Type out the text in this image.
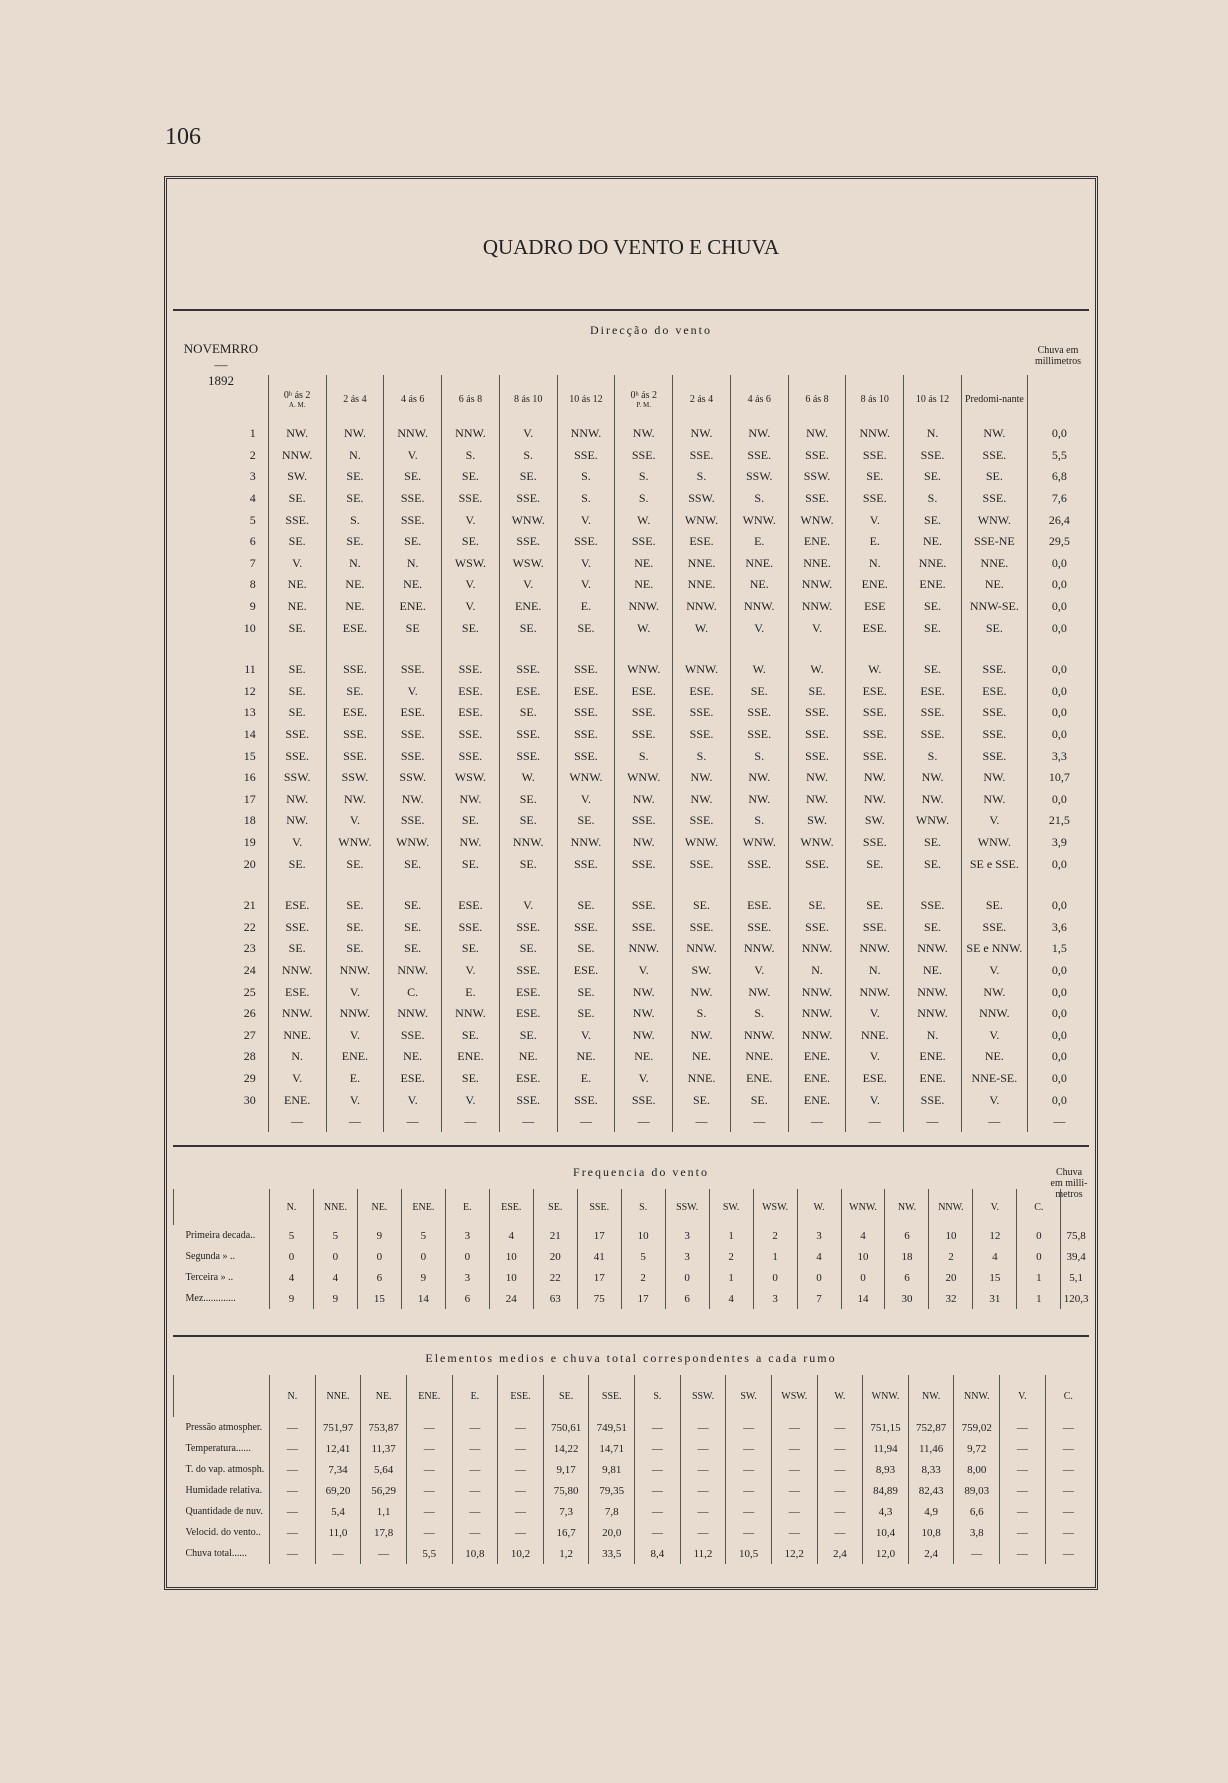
106
QUADRO DO VENTO E CHUVA
NOVEMRRO
—
1892
Direcção do vento
Chuva em millimetros
	0ʰ ás 2
A. M.	2 ás 4	4 ás 6	6 ás 8	8 ás 10	10 ás 12	0ʰ ás 2
P. M.	2 ás 4	4 ás 6	6 ás 8	8 ás 10	10 ás 12	Predomi-nante	
1	NW.	NW.	NNW.	NNW.	V.	NNW.	NW.	NW.	NW.	NW.	NNW.	N.	NW.	0,0
2	NNW.	N.	V.	S.	S.	SSE.	SSE.	SSE.	SSE.	SSE.	SSE.	SSE.	SSE.	5,5
3	SW.	SE.	SE.	SE.	SE.	S.	S.	S.	SSW.	SSW.	SE.	SE.	SE.	6,8
4	SE.	SE.	SSE.	SSE.	SSE.	S.	S.	SSW.	S.	SSE.	SSE.	S.	SSE.	7,6
5	SSE.	S.	SSE.	V.	WNW.	V.	W.	WNW.	WNW.	WNW.	V.	SE.	WNW.	26,4
6	SE.	SE.	SE.	SE.	SSE.	SSE.	SSE.	ESE.	E.	ENE.	E.	NE.	SSE-NE	29,5
7	V.	N.	N.	WSW.	WSW.	V.	NE.	NNE.	NNE.	NNE.	N.	NNE.	NNE.	0,0
8	NE.	NE.	NE.	V.	V.	V.	NE.	NNE.	NE.	NNW.	ENE.	ENE.	NE.	0,0
9	NE.	NE.	ENE.	V.	ENE.	E.	NNW.	NNW.	NNW.	NNW.	ESE	SE.	NNW-SE.	0,0
10	SE.	ESE.	SE	SE.	SE.	SE.	W.	W.	V.	V.	ESE.	SE.	SE.	0,0

11	SE.	SSE.	SSE.	SSE.	SSE.	SSE.	WNW.	WNW.	W.	W.	W.	SE.	SSE.	0,0
12	SE.	SE.	V.	ESE.	ESE.	ESE.	ESE.	ESE.	SE.	SE.	ESE.	ESE.	ESE.	0,0
13	SE.	ESE.	ESE.	ESE.	SE.	SSE.	SSE.	SSE.	SSE.	SSE.	SSE.	SSE.	SSE.	0,0
14	SSE.	SSE.	SSE.	SSE.	SSE.	SSE.	SSE.	SSE.	SSE.	SSE.	SSE.	SSE.	SSE.	0,0
15	SSE.	SSE.	SSE.	SSE.	SSE.	SSE.	S.	S.	S.	SSE.	SSE.	S.	SSE.	3,3
16	SSW.	SSW.	SSW.	WSW.	W.	WNW.	WNW.	NW.	NW.	NW.	NW.	NW.	NW.	10,7
17	NW.	NW.	NW.	NW.	SE.	V.	NW.	NW.	NW.	NW.	NW.	NW.	NW.	0,0
18	NW.	V.	SSE.	SE.	SE.	SE.	SSE.	SSE.	S.	SW.	SW.	WNW.	V.	21,5
19	V.	WNW.	WNW.	NW.	NNW.	NNW.	NW.	WNW.	WNW.	WNW.	SSE.	SE.	WNW.	3,9
20	SE.	SE.	SE.	SE.	SE.	SSE.	SSE.	SSE.	SSE.	SSE.	SE.	SE.	SE e SSE.	0,0

21	ESE.	SE.	SE.	ESE.	V.	SE.	SSE.	SE.	ESE.	SE.	SE.	SSE.	SE.	0,0
22	SSE.	SE.	SE.	SSE.	SSE.	SSE.	SSE.	SSE.	SSE.	SSE.	SSE.	SE.	SSE.	3,6
23	SE.	SE.	SE.	SE.	SE.	SE.	NNW.	NNW.	NNW.	NNW.	NNW.	NNW.	SE e NNW.	1,5
24	NNW.	NNW.	NNW.	V.	SSE.	ESE.	V.	SW.	V.	N.	N.	NE.	V.	0,0
25	ESE.	V.	C.	E.	ESE.	SE.	NW.	NW.	NW.	NNW.	NNW.	NNW.	NW.	0,0
26	NNW.	NNW.	NNW.	NNW.	ESE.	SE.	NW.	S.	S.	NNW.	V.	NNW.	NNW.	0,0
27	NNE.	V.	SSE.	SE.	SE.	V.	NW.	NW.	NNW.	NNW.	NNE.	N.	V.	0,0
28	N.	ENE.	NE.	ENE.	NE.	NE.	NE.	NE.	NNE.	ENE.	V.	ENE.	NE.	0,0
29	V.	E.	ESE.	SE.	ESE.	E.	V.	NNE.	ENE.	ENE.	ESE.	ENE.	NNE-SE.	0,0
30	ENE.	V.	V.	V.	SSE.	SSE.	SSE.	SE.	SE.	ENE.	V.	SSE.	V.	0,0
	—	—	—	—	—	—	—	—	—	—	—	—	—	—
Frequencia do vento	Chuva em milli-metros
	N.	NNE.	NE.	ENE.	E.	ESE.	SE.	SSE.	S.	SSW.	SW.	WSW.	W.	WNW.	NW.	NNW.	V.	C.	
Primeira decada..	5	5	9	5	3	4	21	17	10	3	1	2	3	4	6	10	12	0	75,8
Segunda » ..	0	0	0	0	0	10	20	41	5	3	2	1	4	10	18	2	4	0	39,4
Terceira » ..	4	4	6	9	3	10	22	17	2	0	1	0	0	0	6	20	15	1	5,1
Mez.............	9	9	15	14	6	24	63	75	17	6	4	3	7	14	30	32	31	1	120,3
Elementos medios e chuva total correspondentes a cada rumo
	N.	NNE.	NE.	ENE.	E.	ESE.	SE.	SSE.	S.	SSW.	SW.	WSW.	W.	WNW.	NW.	NNW.	V.	C.
Pressão atmospher.	—	751,97	753,87	—	—	—	750,61	749,51	—	—	—	—	—	751,15	752,87	759,02	—	—
Temperatura......	—	12,41	11,37	—	—	—	14,22	14,71	—	—	—	—	—	11,94	11,46	9,72	—	—
T. do vap. atmosph.	—	7,34	5,64	—	—	—	9,17	9,81	—	—	—	—	—	8,93	8,33	8,00	—	—
Humidade relativa.	—	69,20	56,29	—	—	—	75,80	79,35	—	—	—	—	—	84,89	82,43	89,03	—	—
Quantidade de nuv.	—	5,4	1,1	—	—	—	7,3	7,8	—	—	—	—	—	4,3	4,9	6,6	—	—
Velocid. do vento..	—	11,0	17,8	—	—	—	16,7	20,0	—	—	—	—	—	10,4	10,8	3,8	—	—
Chuva total......	—	—	—	5,5	10,8	10,2	1,2	33,5	8,4	11,2	10,5	12,2	2,4	12,0	2,4	—	—	—
